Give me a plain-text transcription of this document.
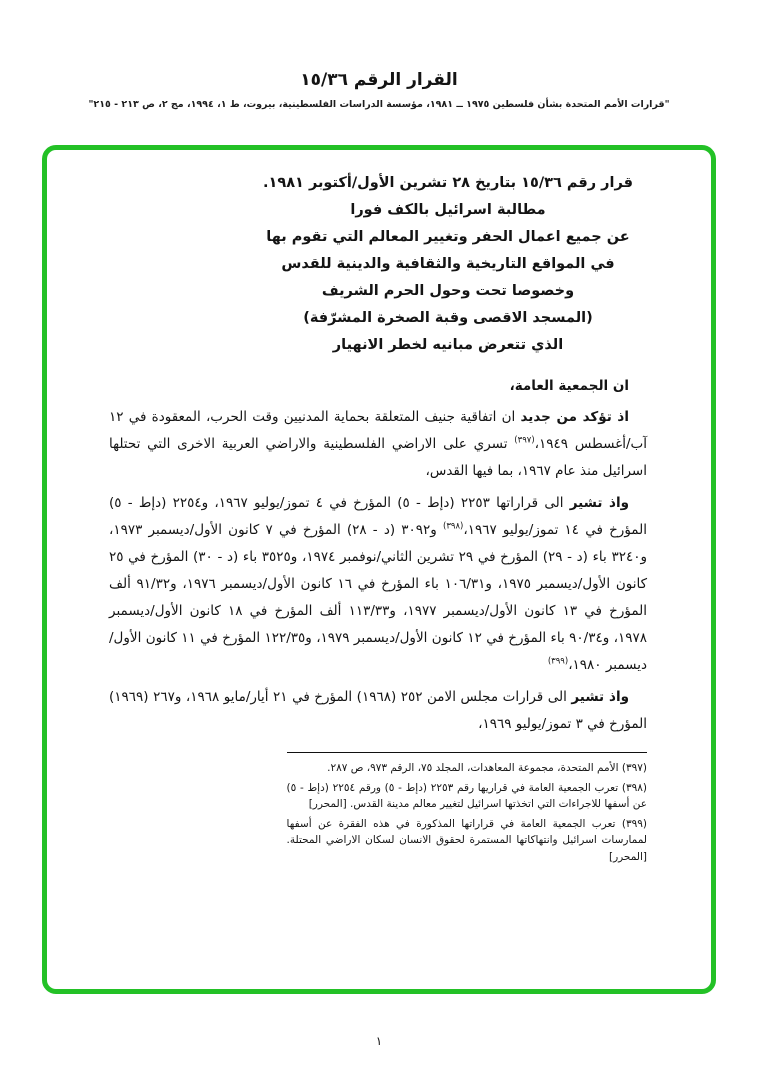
القرار الرقم ١٥/٣٦
"قرارات الأمم المتحدة بشأن فلسطين ١٩٧٥ ــ ١٩٨١، مؤسسة الدراسات الفلسطينية، بيروت، ط ١، ١٩٩٤، مج ٢، ص ٢١٣ - ٢١٥"
قرار رقم ١٥/٣٦ بتاريخ ٢٨ تشرين الأول/أكتوبر ١٩٨١.
مطالبة اسرائيل بالكف فورا
عن جميع اعمال الحفر وتغيير المعالم التي تقوم بها
في المواقع التاريخية والثقافية والدينية للقدس
وخصوصا تحت وحول الحرم الشريف
(المسجد الاقصى وقبة الصخرة المشرّفة)
الذي تتعرض مبانيه لخطر الانهيار

ان الجمعية العامة،

اذ تؤكد من جديد ان اتفاقية جنيف المتعلقة بحماية المدنيين وقت الحرب، المعقودة في ١٢ آب/أغسطس ١٩٤٩،$^{(٣٩٧)}$ تسري على الاراضي الفلسطينية والاراضي العربية الاخرى التي تحتلها اسرائيل منذ عام ١٩٦٧، بما فيها القدس،

واذ تشير الى قراراتها ٢٢٥٣ (دإط - ٥) المؤرخ في ٤ تموز/يوليو ١٩٦٧، و٢٢٥٤ (دإط - ٥) المؤرخ في ١٤ تموز/يوليو ١٩٦٧،$^{(٣٩٨)}$ و٣٠٩٢ (د - ٢٨) المؤرخ في ٧ كانون الأول/ديسمبر ١٩٧٣، و٣٢٤٠ باء (د - ٢٩) المؤرخ في ٢٩ تشرين الثاني/نوفمبر ١٩٧٤، و٣٥٢٥ باء (د - ٣٠) المؤرخ في ٢٥ كانون الأول/ديسمبر ١٩٧٥، و١٠٦/٣١ باء المؤرخ في ١٦ كانون الأول/ديسمبر ١٩٧٦، و٩١/٣٢ ألف المؤرخ في ١٣ كانون الأول/ديسمبر ١٩٧٧، و١١٣/٣٣ ألف المؤرخ في ١٨ كانون الأول/ديسمبر ١٩٧٨، و٩٠/٣٤ باء المؤرخ في ١٢ كانون الأول/ديسمبر ١٩٧٩، و١٢٢/٣٥ المؤرخ في ١١ كانون الأول/ديسمبر ١٩٨٠،$^{(٣٩٩)}$

واذ تشير الى قرارات مجلس الامن ٢٥٢ (١٩٦٨) المؤرخ في ٢١ أيار/مايو ١٩٦٨، و٢٦٧ (١٩٦٩) المؤرخ في ٣ تموز/يوليو ١٩٦٩،

(٣٩٧) الأمم المتحدة، مجموعة المعاهدات، المجلد ٧٥، الرقم ٩٧٣، ص ٢٨٧.

(٣٩٨) تعرب الجمعية العامة في قراريها رقم ٢٢٥٣ (دإط - ٥) ورقم ٢٢٥٤ (دإط - ٥) عن أسفها للاجراءات التي اتخذتها اسرائيل لتغيير معالم مدينة القدس. [المحرر]

(٣٩٩) تعرب الجمعية العامة في قراراتها المذكورة في هذه الفقرة عن أسفها لممارسات اسرائيل وانتهاكاتها المستمرة لحقوق الانسان لسكان الاراضي المحتلة. [المحرر]

١
